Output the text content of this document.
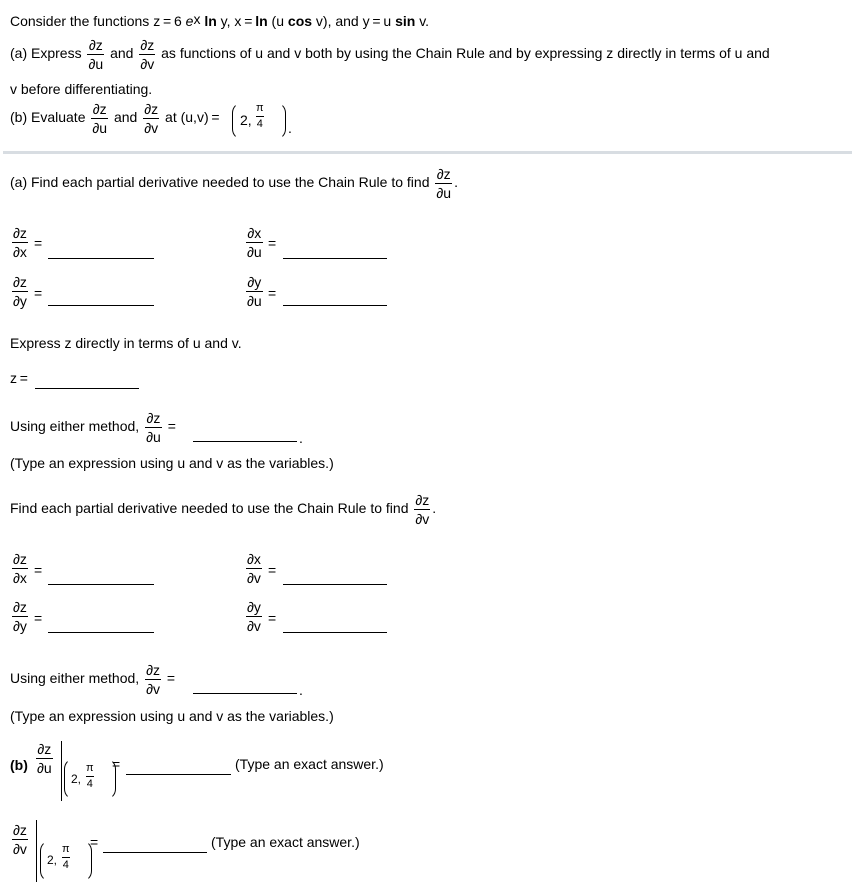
Consider the functions z = 6 $e^x$ ln y, x = ln (u cos v), and y = u sin v.
(a) Express $\frac{\partial z}{\partial u}$ and $\frac{\partial z}{\partial v}$ as functions of u and v both by using the Chain Rule and by expressing z directly in terms of u and
v before differentiating.
(b) Evaluate $\frac{\partial z}{\partial u}$ and $\frac{\partial z}{\partial v}$ at (u,v) = 2, $\frac{\pi}{4}$ .
(a) Find each partial derivative needed to use the Chain Rule to find $\frac{\partial z}{\partial u}$ .
$\frac{\partial z}{\partial x}$ =	$\frac{\partial x}{\partial u}$ =
$\frac{\partial z}{\partial y}$ =	$\frac{\partial y}{\partial u}$ =
Express z directly in terms of u and v.
z =
Using either method, $\frac{\partial z}{\partial u}$ =
.
(Type an expression using u and v as the variables.)
Find each partial derivative needed to use the Chain Rule to find $\frac{\partial z}{\partial v}$ .
$\frac{\partial z}{\partial x}$ =	$\frac{\partial x}{\partial v}$ =
$\frac{\partial z}{\partial y}$ =	$\frac{\partial y}{\partial v}$ =
Using either method, $\frac{\partial z}{\partial v}$ =
.
(Type an expression using u and v as the variables.)
$(b) \frac{\partial z}{\partial u}$
2, $\frac{\pi}{4}$ =	(Type an exact answer.)
$\frac{\partial z}{\partial v}$
2, $\frac{\pi}{4}$
=	(Type an exact answer.)
